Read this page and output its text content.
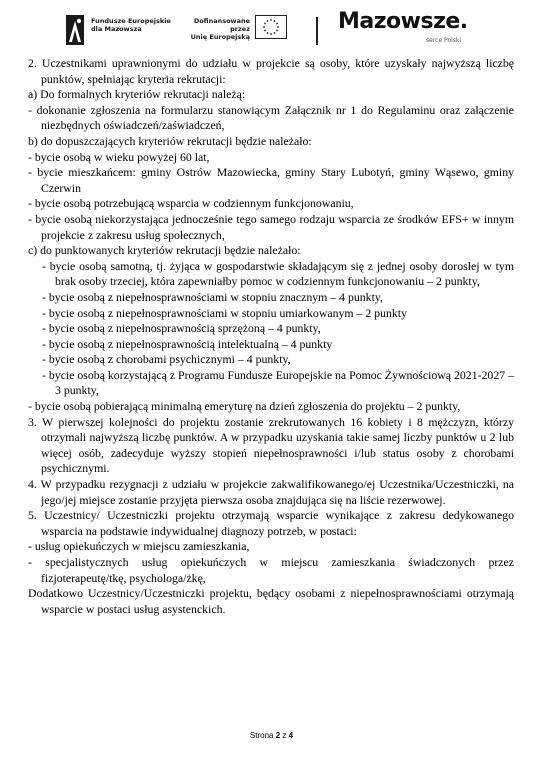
Fundusze Europejskie
dla Mazowsza
Dofinansowane przez
Unię Europejską
Mazowsze.
serce Polski

2. Uczestnikami uprawnionymi do udziału w projekcie są osoby, które uzyskały najwyższą liczbę punktów, spełniając kryteria rekrutacji:

a) Do formalnych kryteriów rekrutacji należą:

- dokonanie zgłoszenia na formularzu stanowiącym Załącznik nr 1 do Regulaminu oraz załączenie niezbędnych oświadczeń/zaświadczeń,

b) do dopuszczających kryteriów rekrutacji będzie należało:

- bycie osobą w wieku powyżej 60 lat,

- bycie mieszkańcem: gminy Ostrów Mazowiecka, gminy Stary Lubotyń, gminy Wąsewo, gminy Czerwin

- bycie osobą potrzebującą wsparcia w codziennym funkcjonowaniu,

- bycie osobą niekorzystająca jednocześnie tego samego rodzaju wsparcia ze środków EFS+ w innym projekcie z zakresu usług społecznych,

c) do punktowanych kryteriów rekrutacji będzie należało:

- bycie osobą samotną, tj. żyjąca w gospodarstwie składającym się z jednej osoby dorosłej w tym brak osoby trzeciej, która zapewniałby pomoc w codziennym funkcjonowaniu – 2 punkty,

- bycie osobą z niepełnosprawnościami w stopniu znacznym – 4 punkty,

- bycie osobą z niepełnosprawnościami w stopniu umiarkowanym – 2 punkty

- bycie osobą z niepełnosprawnością sprzężoną – 4 punkty,

- bycie osobą z niepełnosprawnością intelektualną – 4 punkty

- bycie osobą z chorobami psychicznymi – 4 punkty,

- bycie osobą korzystającą z Programu Fundusze Europejskie na Pomoc Żywnościową 2021-2027 – 3 punkty,

- bycie osobą pobierającą minimalną emeryturę na dzień zgłoszenia do projektu – 2 punkty,

3. W pierwszej kolejności do projektu zostanie zrekrutowanych 16 kobiety i 8 mężczyzn, którzy otrzymali najwyższą liczbę punktów. A w przypadku uzyskania takie samej liczby punktów u 2 lub więcej osób, zadecyduje wyższy stopień niepełnosprawności i/lub status osoby z chorobami psychicznymi.

4. W przypadku rezygnacji z udziału w projekcie zakwalifikowanego/ej Uczestnika/Uczestniczki, na jego/jej miejsce zostanie przyjęta pierwsza osoba znajdująca się na liście rezerwowej.

5. Uczestnicy/ Uczestniczki projektu otrzymają wsparcie wynikające z zakresu dedykowanego wsparcia na podstawie indywidualnej diagnozy potrzeb, w postaci:

- usług opiekuńczych w miejscu zamieszkania,

- specjalistycznych usług opiekuńczych w miejscu zamieszkania świadczonych przez fizjoterapeutę/tkę, psychologa/żkę,

Dodatkowo Uczestnicy/Uczestniczki projektu, będący osobami z niepełnosprawnościami otrzymają wsparcie w postaci usług asystenckich.

Strona 2 z 4
